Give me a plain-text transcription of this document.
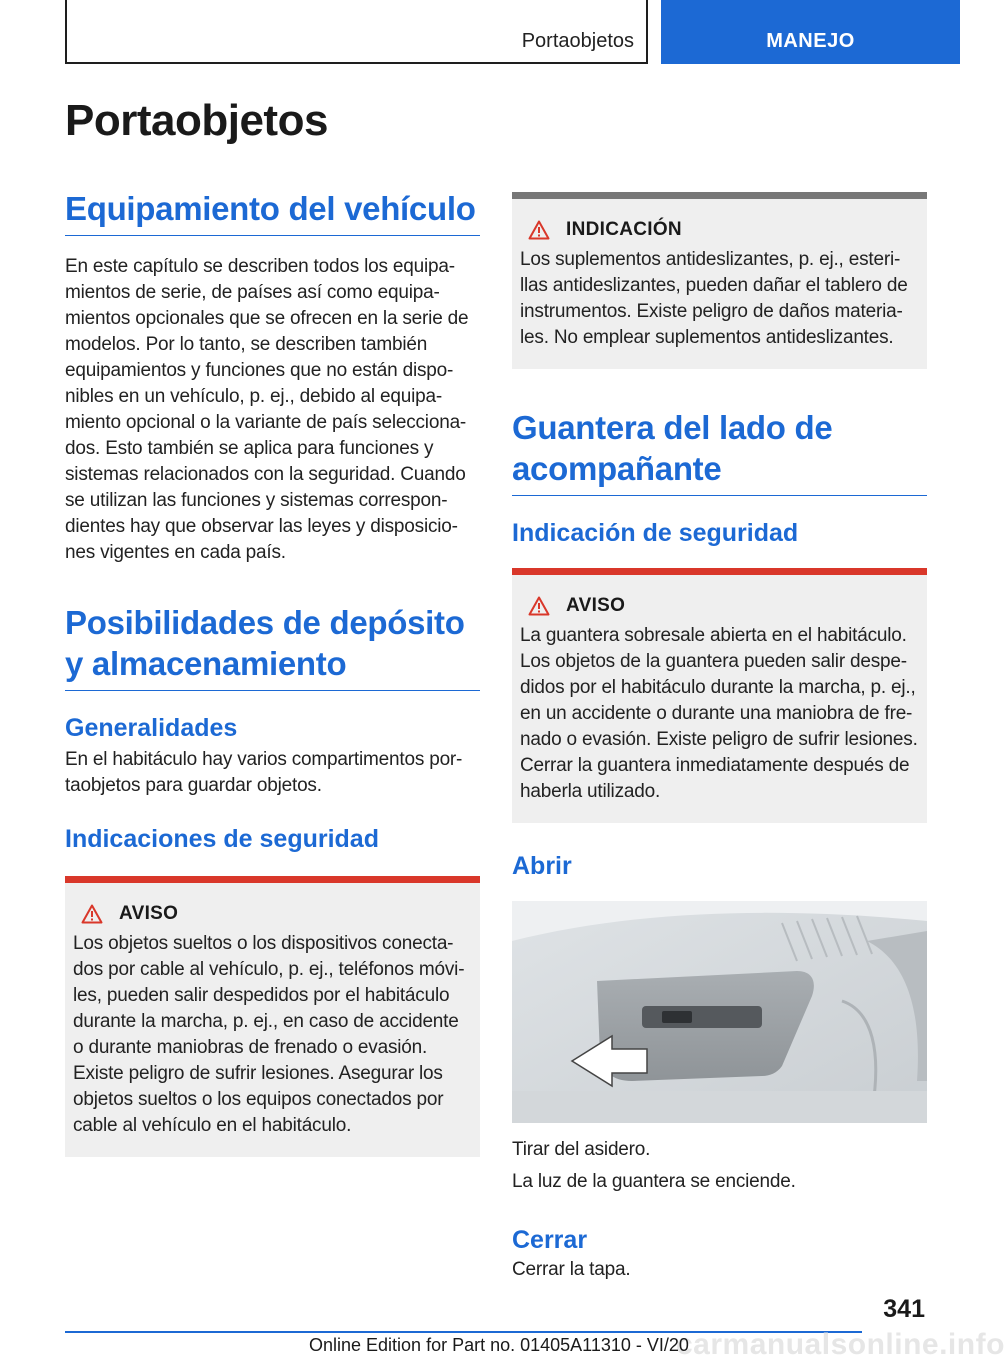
Portaobjetos	MANEJO
Portaobjetos
Equipamiento del vehículo

En este capítulo se describen todos los equipa-mientos de serie, de países así como equipa-mientos opcionales que se ofrecen en la serie de modelos. Por lo tanto, se describen también equipamientos y funciones que no están dispo-nibles en un vehículo, p. ej., debido al equipa-miento opcional o la variante de país selecciona-dos. Esto también se aplica para funciones y sistemas relacionados con la seguridad. Cuando se utilizan las funciones y sistemas correspon-dientes hay que observar las leyes y disposicio-nes vigentes en cada país.

Posibilidades de depósito y almacenamiento
Generalidades

En el habitáculo hay varios compartimentos por-taobjetos para guardar objetos.

Indicaciones de seguridad
AVISO

Los objetos sueltos o los dispositivos conecta-dos por cable al vehículo, p. ej., teléfonos móvi-les, pueden salir despedidos por el habitáculo durante la marcha, p. ej., en caso de accidente o durante maniobras de frenado o evasión. Existe peligro de sufrir lesiones. Asegurar los objetos sueltos o los equipos conectados por cable al vehículo en el habitáculo.

INDICACIÓN

Los suplementos antideslizantes, p. ej., esteri-llas antideslizantes, pueden dañar el tablero de instrumentos. Existe peligro de daños materia-les. No emplear suplementos antideslizantes.

Guantera del lado de acompañante
Indicación de seguridad
AVISO

La guantera sobresale abierta en el habitáculo. Los objetos de la guantera pueden salir despe-didos por el habitáculo durante la marcha, p. ej., en un accidente o durante una maniobra de fre-nado o evasión. Existe peligro de sufrir lesiones. Cerrar la guantera inmediatamente después de haberla utilizado.

Abrir

Tirar del asidero.

La luz de la guantera se enciende.

Cerrar

Cerrar la tapa.

341
carmanualsonline.info
Online Edition for Part no. 01405A11310 - VI/20
